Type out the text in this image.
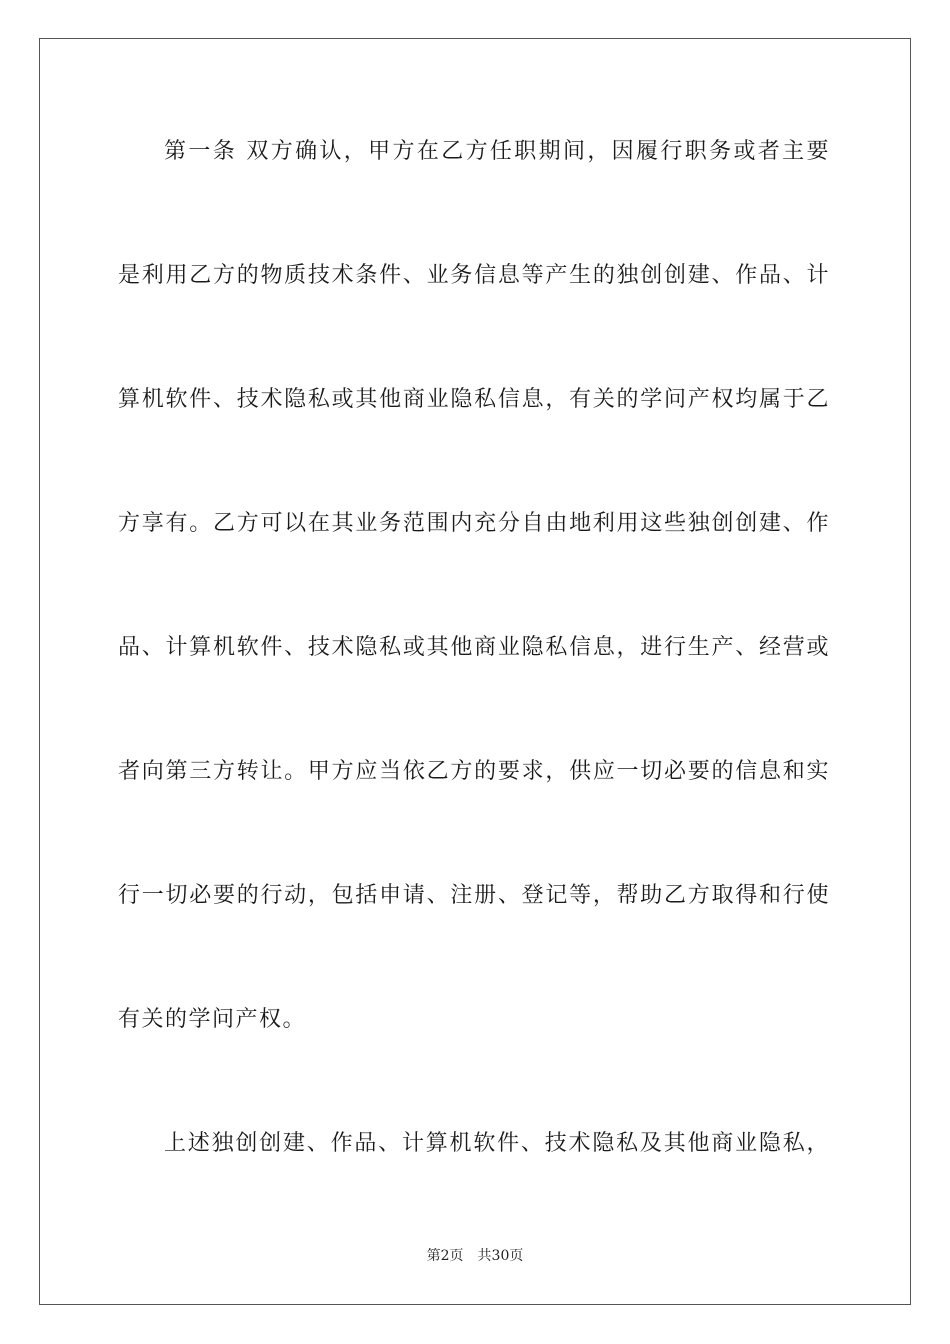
第一条 双方确认，甲方在乙方任职期间，因履行职务或者主要
是利用乙方的物质技术条件、业务信息等产生的独创创建、作品、计
算机软件、技术隐私或其他商业隐私信息，有关的学问产权均属于乙
方享有。乙方可以在其业务范围内充分自由地利用这些独创创建、作
品、计算机软件、技术隐私或其他商业隐私信息，进行生产、经营或
者向第三方转让。甲方应当依乙方的要求，供应一切必要的信息和实
行一切必要的行动，包括申请、注册、登记等，帮助乙方取得和行使
有关的学问产权。
上述独创创建、作品、计算机软件、技术隐私及其他商业隐私，
第2页 共30页
